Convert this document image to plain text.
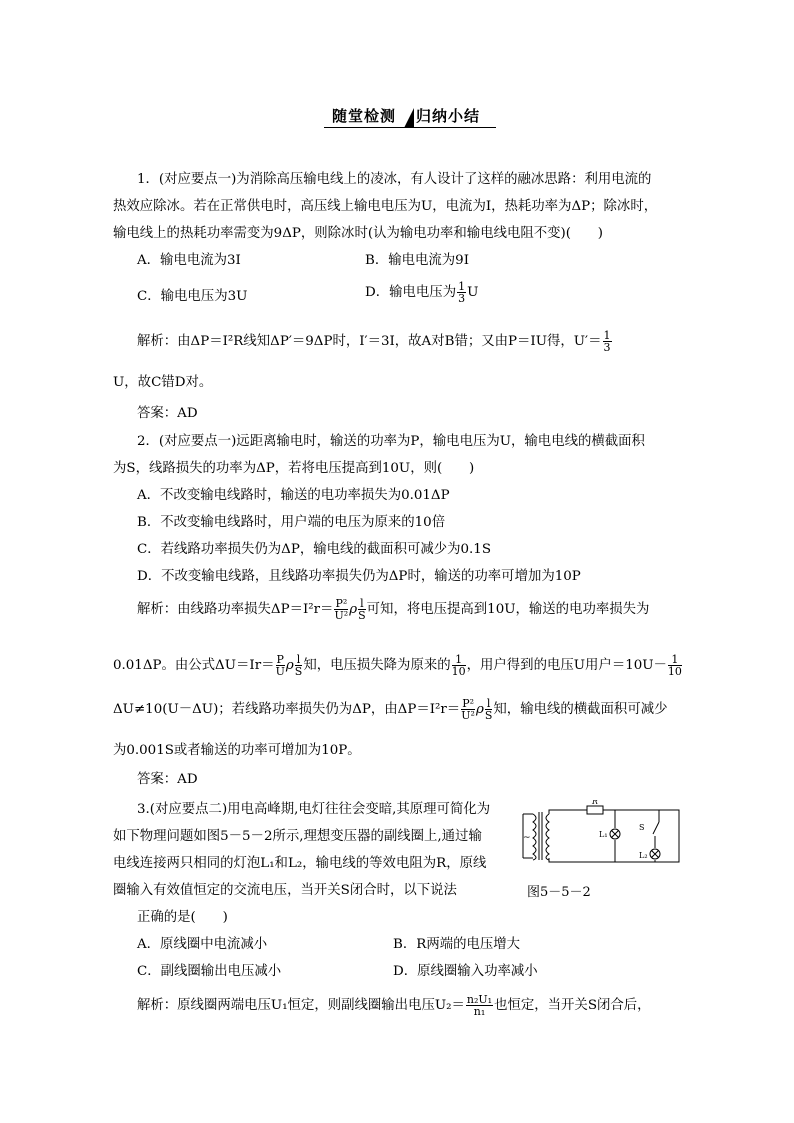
随堂检测 归纳小结
1．(对应要点一)为消除高压输电线上的凌冰，有人设计了这样的融冰思路：利用电流的
热效应除冰。若在正常供电时，高压线上输电电压为U，电流为I，热耗功率为ΔP；除冰时，
输电线上的热耗功率需变为9ΔP，则除冰时(认为输电功率和输电线电阻不变)(　　)
A．输电电流为3I	B．输电电流为9I
C．输电电压为3U	D．输电电压为 $\frac{1}{3}$ U
解析：由ΔP＝I²R线知ΔP′＝9ΔP时，I′＝3I，故A对B错；又由P＝IU得，$U'= \frac{1}{3}$
U，故C错D对。
答案：AD
2．(对应要点一)远距离输电时，输送的功率为P，输电电压为U，输电电线的横截面积
为S，线路损失的功率为ΔP，若将电压提高到10U，则(　　)
A．不改变输电线路时，输送的电功率损失为0.01ΔP
B．不改变输电线路时，用户端的电压为原来的10倍
C．若线路功率损失仍为ΔP，输电线的截面积可减少为0.1S
D．不改变输电线路，且线路功率损失仍为ΔP时，输送的功率可增加为10P
解析：由线路功率损失$\Delta P=I^2r= \frac{\text{P²}}{\text{U²}}$ ρ $\frac{l}{S}$ 可知，将电压提高到10U，输送的电功率损失为
0.01ΔP。由公式$\Delta U=Ir= \frac{P}{U}$ ρ $\frac{l}{S}$ 知，电压损失降为原来的 $\frac{1}{10}$ ，用户得到的电压U用户$=10U- \frac{1}{10}$
ΔU≠10(U－ΔU)；若线路功率损失仍为ΔP，由$\Delta P=I^2r= \frac{\text{P²}}{\text{U²}}$ ρ $\frac{l}{S}$ 知，输电线的横截面积可减少
为0.001S或者输送的功率可增加为10P。
答案：AD
3.(对应要点二)用电高峰期,电灯往往会变暗,其原理可简化为
如下物理问题如图5－5－2所示,理想变压器的副线圈上,通过输
电线连接两只相同的灯泡L₁和L₂，输电线的等效电阻为R，原线
圈输入有效值恒定的交流电压，当开关S闭合时，以下说法
正确的是(　　)
~
R
S
L₁
L₂
图5－5－2
A．原线圈中电流减小	B．R两端的电压增大
C．副线圈输出电压减小	D．原线圈输入功率减小
解析：原线圈两端电压U₁恒定，则副线圈输出电压$U_2= \frac{\text{n₂U₁}}{\text{n₁}}$ 也恒定，当开关S闭合后，
